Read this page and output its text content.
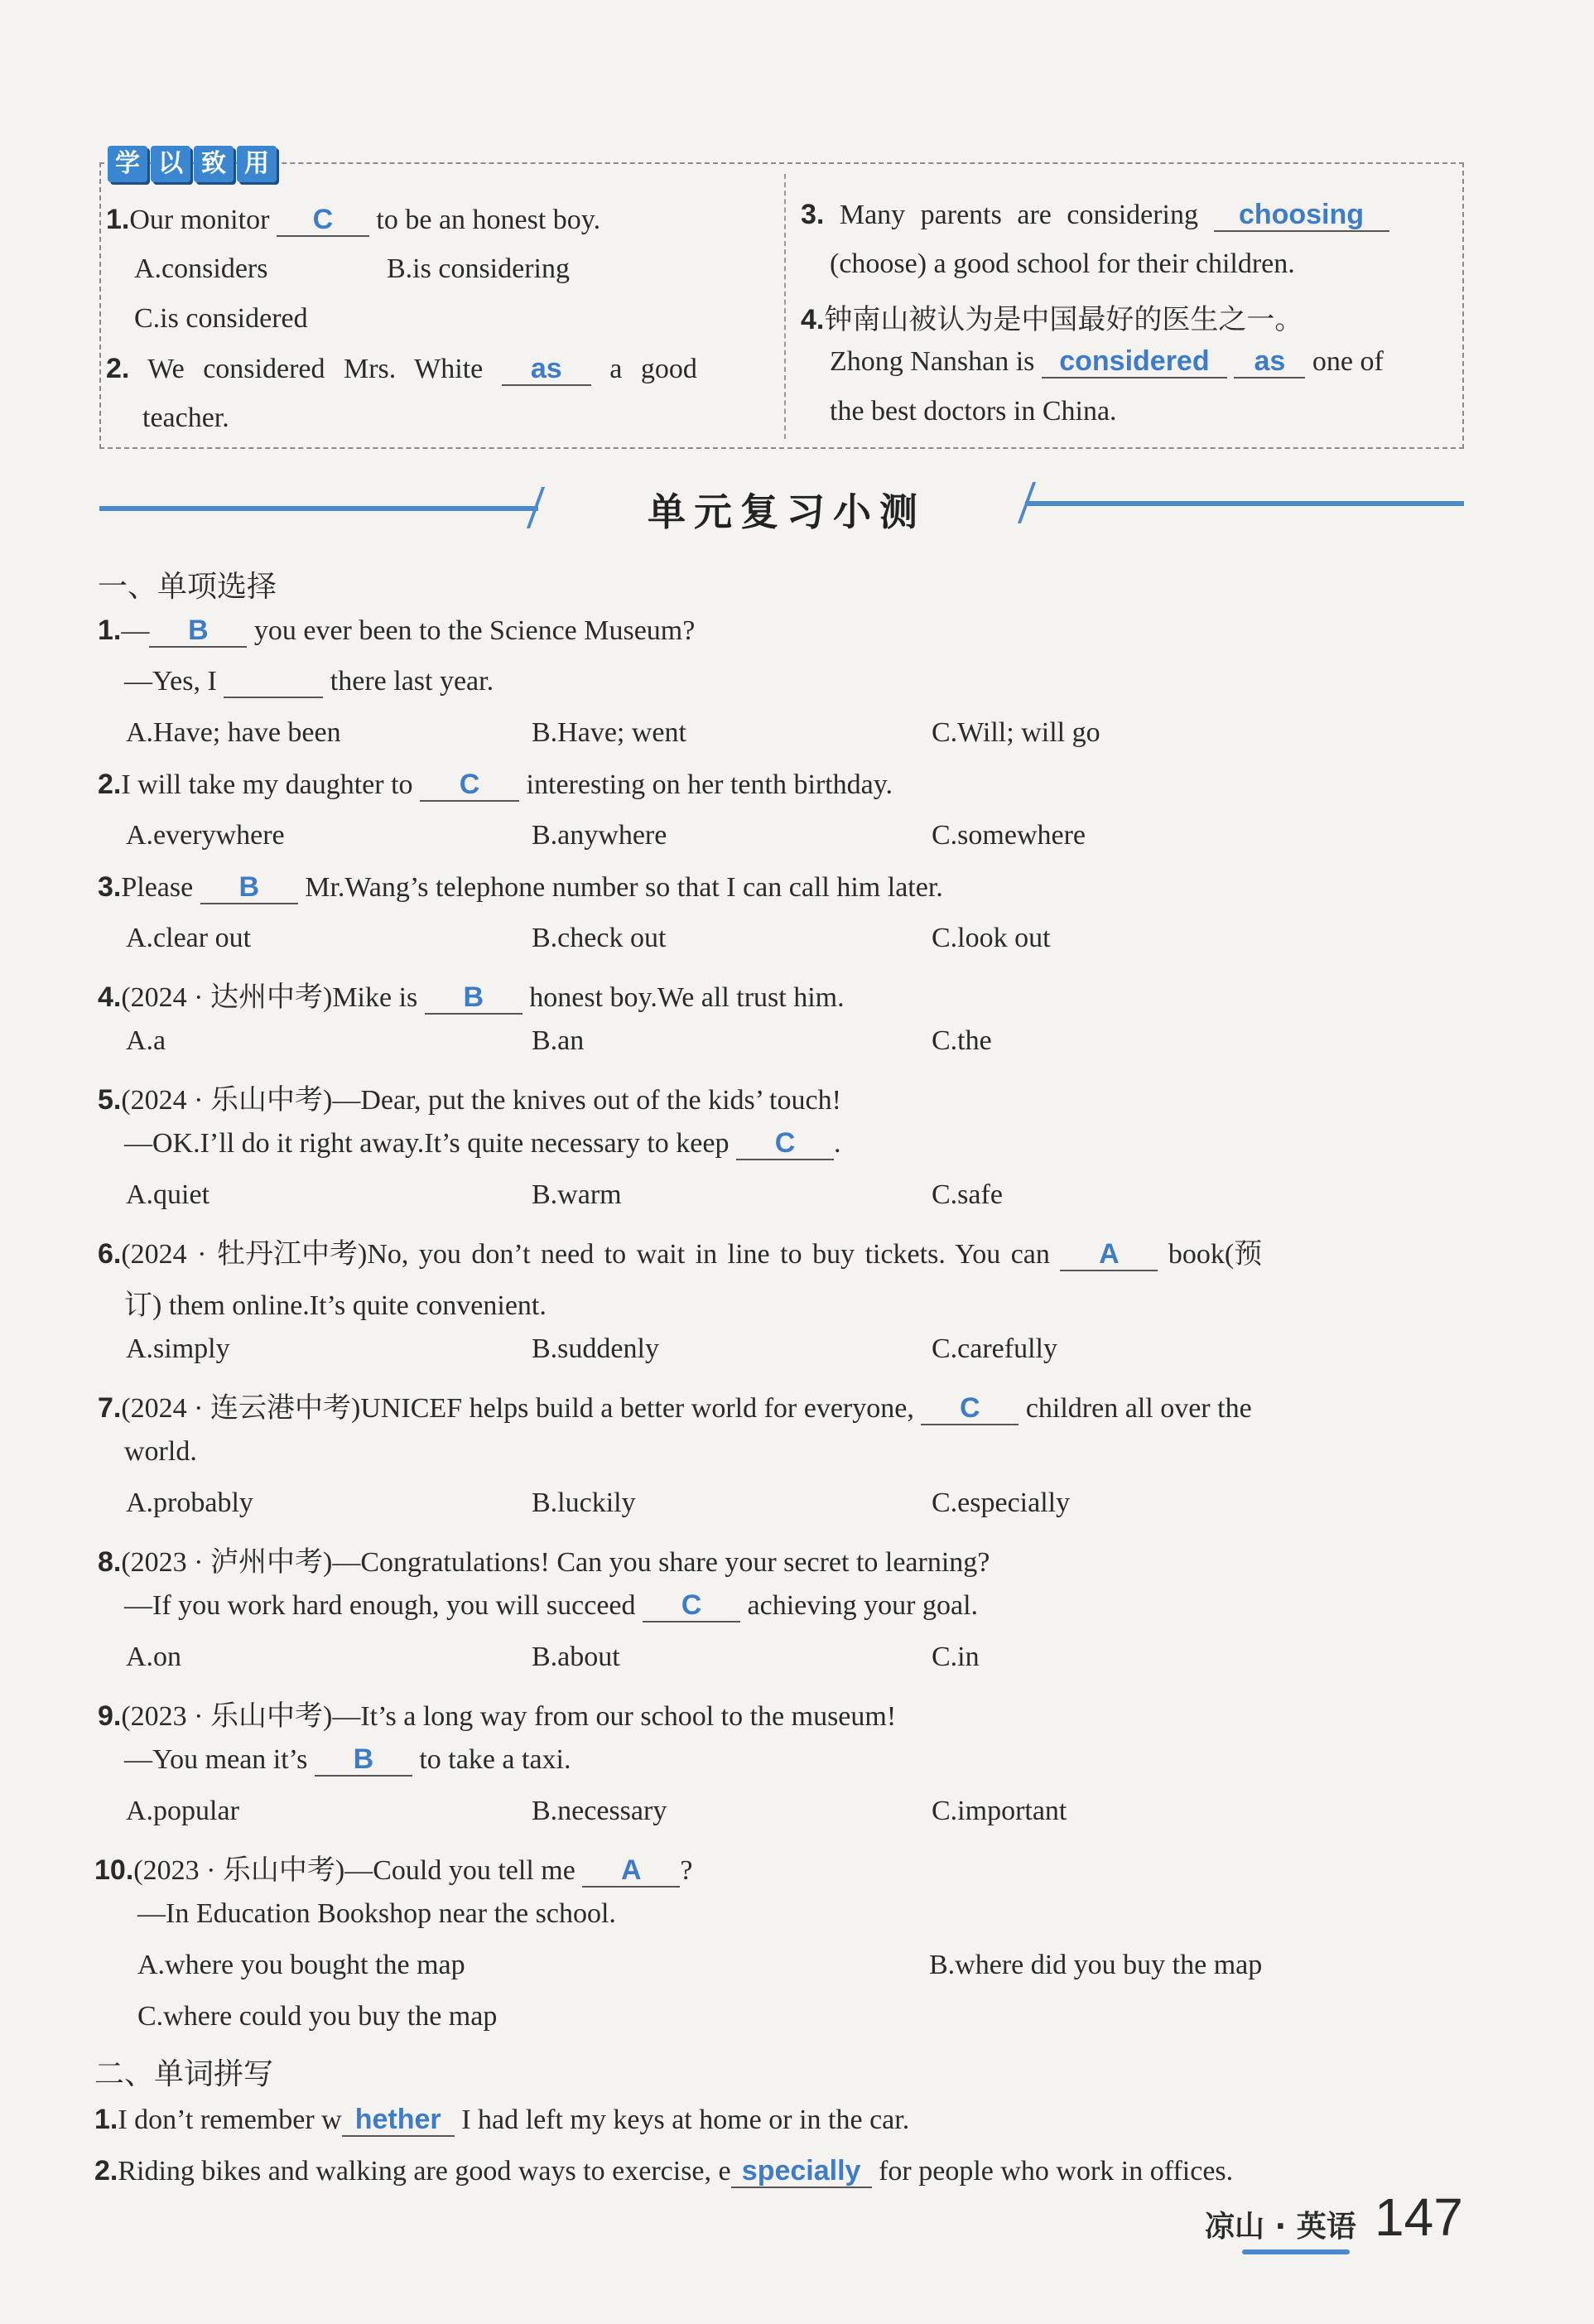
学 以 致 用
1.Our monitor C to be an honest boy.
A.considers	B.is considering
C.is considered
2. We considered Mrs. White as a good
teacher.
3. Many parents are considering choosing
(choose) a good school for their children.
4.钟南山被认为是中国最好的医生之一。
Zhong Nanshan is considered as one of
the best doctors in China.
单元复习小测
一、单项选择
1.— B you ever been to the Science Museum?
—Yes, I	there last year.
A.Have; have been	B.Have; went	C.Will; will go
2.I will take my daughter to C interesting on her tenth birthday.
A.everywhere	B.anywhere	C.somewhere
3.Please B Mr.Wang’s telephone number so that I can call him later.
A.clear out	B.check out	C.look out
4.(2024 · 达州中考)Mike is B honest boy.We all trust him.
A.a	B.an	C.the
5.(2024 · 乐山中考)—Dear, put the knives out of the kids’ touch!
—OK.I’ll do it right away.It’s quite necessary to keep C .
A.quiet	B.warm	C.safe
6.(2024 · 牡丹江中考)No, you don’t need to wait in line to buy tickets. You can A book(预
订) them online.It’s quite convenient.
A.simply	B.suddenly	C.carefully
7.(2024 · 连云港中考)UNICEF helps build a better world for everyone, C children all over the
world.
A.probably	B.luckily	C.especially
8.(2023 · 泸州中考)—Congratulations! Can you share your secret to learning?
—If you work hard enough, you will succeed C achieving your goal.
A.on	B.about	C.in
9.(2023 · 乐山中考)—It’s a long way from our school to the museum!
—You mean it’s B to take a taxi.
A.popular	B.necessary	C.important
10.(2023 · 乐山中考)—Could you tell me A ?
—In Education Bookshop near the school.
A.where you bought the map	B.where did you buy the map
C.where could you buy the map
二、单词拼写
1.I don’t remember w hether I had left my keys at home or in the car.
2.Riding bikes and walking are good ways to exercise, e specially for people who work in offices.
凉山 · 英语 147
